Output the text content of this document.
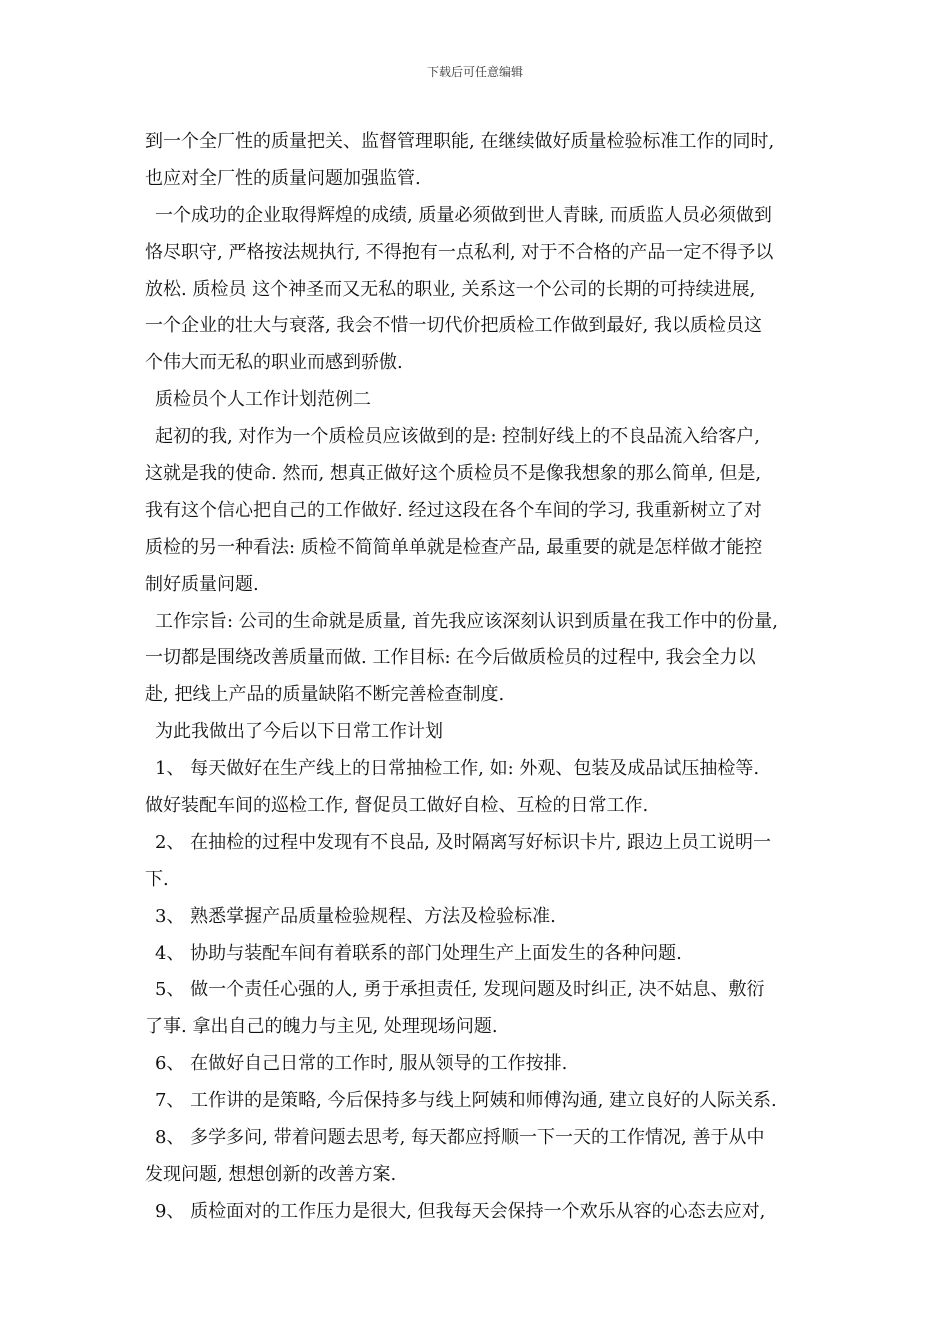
下载后可任意编辑
到一个全厂性的质量把关、监督管理职能, 在继续做好质量检验标准工作的同时,
也应对全厂性的质量问题加强监管.
一个成功的企业取得辉煌的成绩, 质量必须做到世人青睐, 而质监人员必须做到
恪尽职守, 严格按法规执行, 不得抱有一点私利, 对于不合格的产品一定不得予以
放松. 质检员 这个神圣而又无私的职业, 关系这一个公司的长期的可持续进展,
一个企业的壮大与衰落, 我会不惜一切代价把质检工作做到最好, 我以质检员这
个伟大而无私的职业而感到骄傲.
质检员个人工作计划范例二
起初的我, 对作为一个质检员应该做到的是: 控制好线上的不良品流入给客户,
这就是我的使命. 然而, 想真正做好这个质检员不是像我想象的那么简单, 但是,
我有这个信心把自己的工作做好. 经过这段在各个车间的学习, 我重新树立了对
质检的另一种看法: 质检不简简单单就是检查产品, 最重要的就是怎样做才能控
制好质量问题.
工作宗旨: 公司的生命就是质量, 首先我应该深刻认识到质量在我工作中的份量,
一切都是围绕改善质量而做. 工作目标: 在今后做质检员的过程中, 我会全力以
赴, 把线上产品的质量缺陷不断完善检查制度.
为此我做出了今后以下日常工作计划
1、 每天做好在生产线上的日常抽检工作, 如: 外观、包装及成品试压抽检等.
做好装配车间的巡检工作, 督促员工做好自检、互检的日常工作.
2、 在抽检的过程中发现有不良品, 及时隔离写好标识卡片, 跟边上员工说明一
下.
3、 熟悉掌握产品质量检验规程、方法及检验标准.
4、 协助与装配车间有着联系的部门处理生产上面发生的各种问题.
5、 做一个责任心强的人, 勇于承担责任, 发现问题及时纠正, 决不姑息、敷衍
了事. 拿出自己的魄力与主见, 处理现场问题.
6、 在做好自己日常的工作时, 服从领导的工作按排.
7、 工作讲的是策略, 今后保持多与线上阿姨和师傅沟通, 建立良好的人际关系.
8、 多学多问, 带着问题去思考, 每天都应捋顺一下一天的工作情况, 善于从中
发现问题, 想想创新的改善方案.
9、 质检面对的工作压力是很大, 但我每天会保持一个欢乐从容的心态去应对,
